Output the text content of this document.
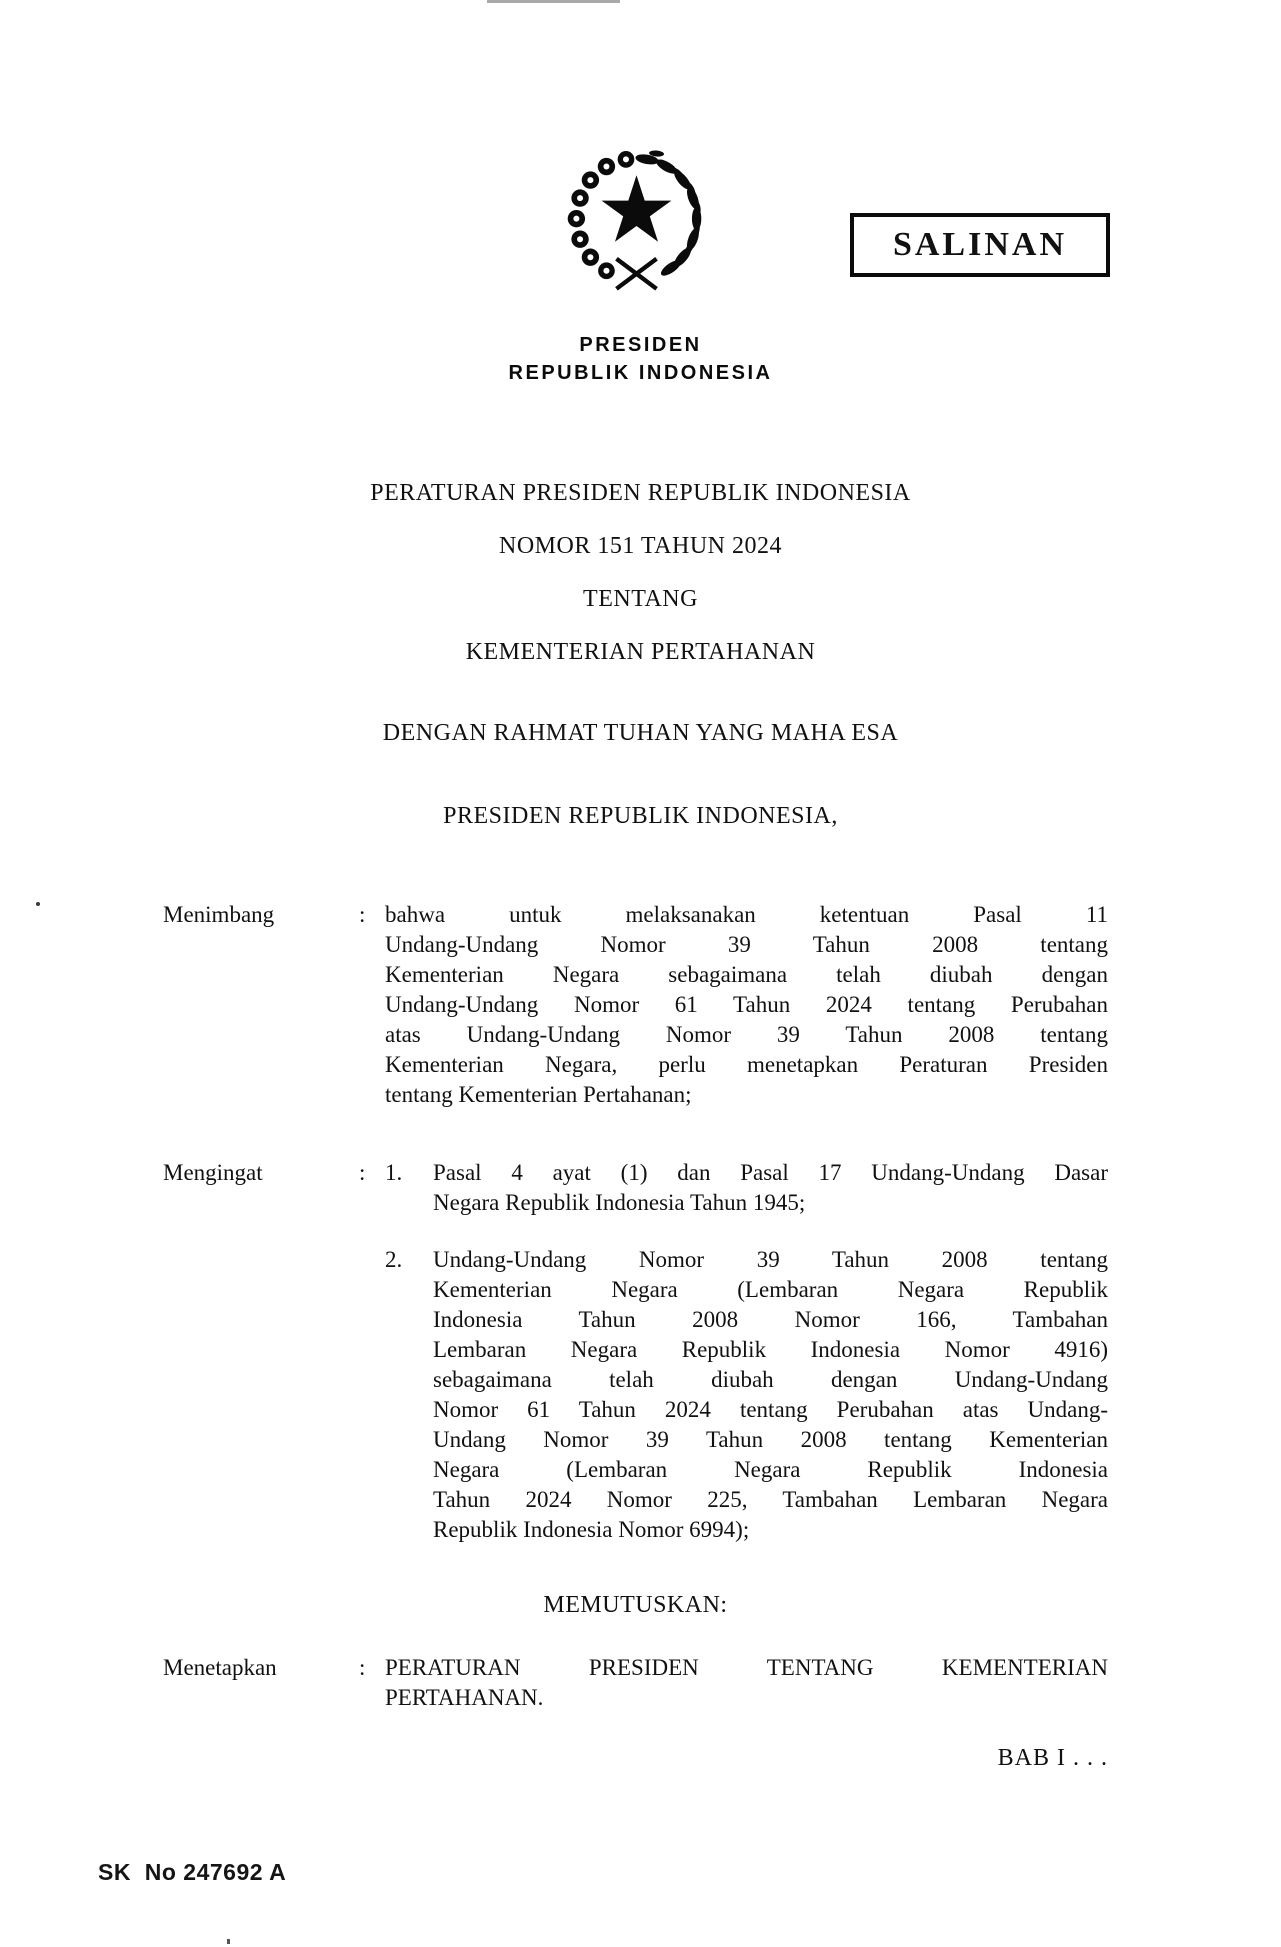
PRESIDEN
REPUBLIK INDONESIA
SALINAN
PERATURAN PRESIDEN REPUBLIK INDONESIA
NOMOR 151 TAHUN 2024
TENTANG
KEMENTERIAN PERTAHANAN
DENGAN RAHMAT TUHAN YANG MAHA ESA
PRESIDEN REPUBLIK INDONESIA,
Menimbang	: bahwa untuk melaksanakan ketentuan Pasal 11
Undang-Undang Nomor 39 Tahun 2008 tentang
Kementerian Negara sebagaimana telah diubah dengan
Undang-Undang Nomor 61 Tahun 2024 tentang Perubahan
atas Undang-Undang Nomor 39 Tahun 2008 tentang
Kementerian Negara, perlu menetapkan Peraturan Presiden
tentang Kementerian Pertahanan;
Mengingat	: 1.	Pasal 4 ayat (1) dan Pasal 17 Undang-Undang Dasar
Negara Republik Indonesia Tahun 1945;
2.	Undang-Undang Nomor 39 Tahun 2008 tentang
Kementerian Negara (Lembaran Negara Republik
Indonesia Tahun 2008 Nomor 166, Tambahan
Lembaran Negara Republik Indonesia Nomor 4916)
sebagaimana telah diubah dengan Undang-Undang
Nomor 61 Tahun 2024 tentang Perubahan atas Undang-
Undang Nomor 39 Tahun 2008 tentang Kementerian
Negara (Lembaran Negara Republik Indonesia
Tahun 2024 Nomor 225, Tambahan Lembaran Negara
Republik Indonesia Nomor 6994);
MEMUTUSKAN:
Menetapkan	: PERATURAN PRESIDEN TENTANG KEMENTERIAN
PERTAHANAN.
BAB I . . .
SK  No 247692 A
